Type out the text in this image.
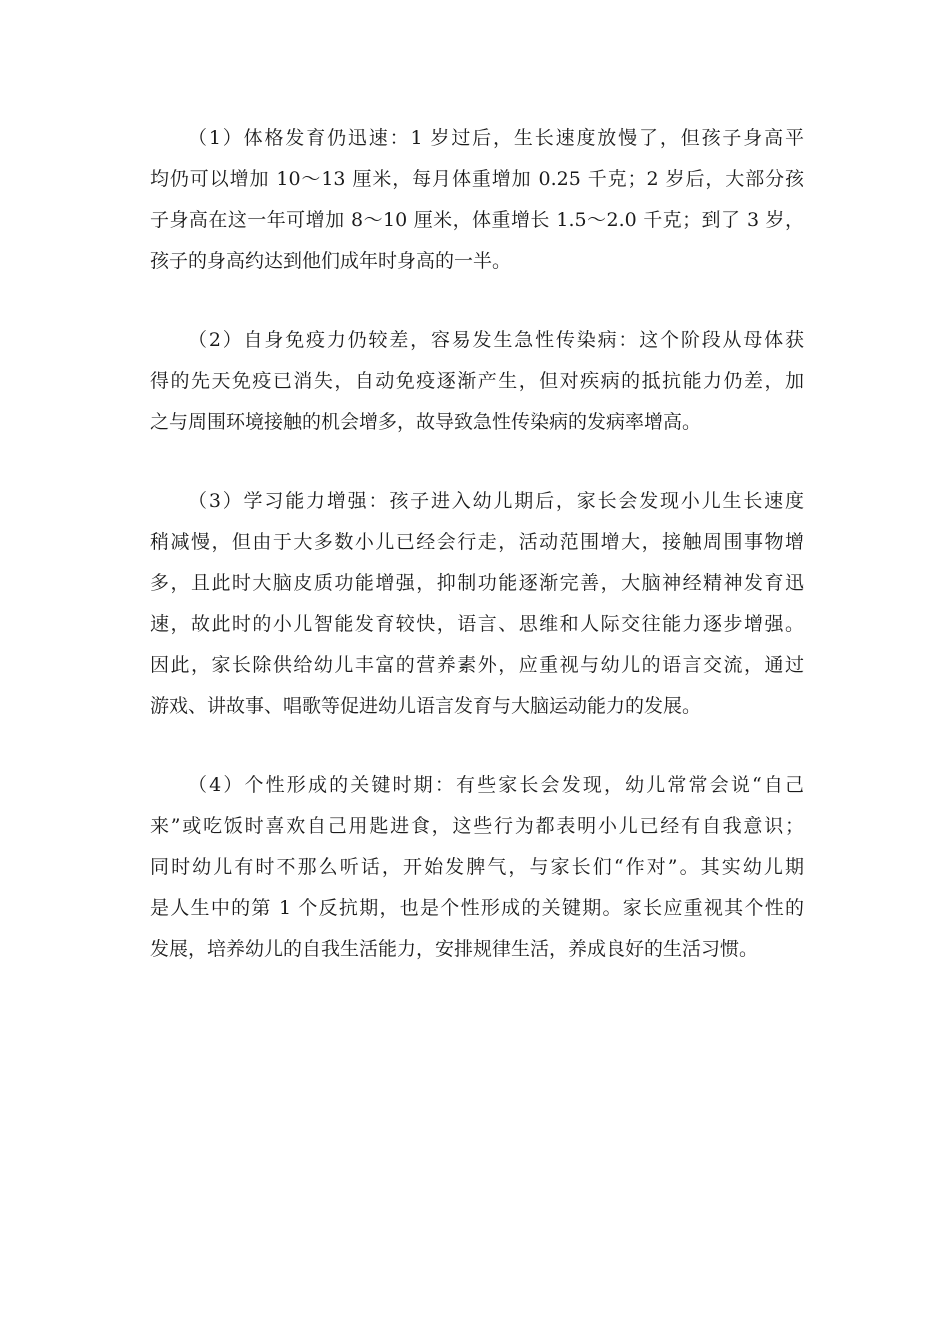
（1）体格发育仍迅速：1 岁过后，生长速度放慢了，但孩子身高平
均仍可以增加 10～13 厘米，每月体重增加 0.25 千克；2 岁后，大部分孩
子身高在这一年可增加 8～10 厘米，体重增长 1.5～2.0 千克；到了 3 岁，
孩子的身高约达到他们成年时身高的一半。

（2）自身免疫力仍较差，容易发生急性传染病：这个阶段从母体获
得的先天免疫已消失，自动免疫逐渐产生，但对疾病的抵抗能力仍差，加
之与周围环境接触的机会增多，故导致急性传染病的发病率增高。

（3）学习能力增强：孩子进入幼儿期后，家长会发现小儿生长速度
稍减慢，但由于大多数小儿已经会行走，活动范围增大，接触周围事物增
多，且此时大脑皮质功能增强，抑制功能逐渐完善，大脑神经精神发育迅
速，故此时的小儿智能发育较快，语言、思维和人际交往能力逐步增强。
因此，家长除供给幼儿丰富的营养素外，应重视与幼儿的语言交流，通过
游戏、讲故事、唱歌等促进幼儿语言发育与大脑运动能力的发展。

（4）个性形成的关键时期：有些家长会发现，幼儿常常会说“自己
来”或吃饭时喜欢自己用匙进食，这些行为都表明小儿已经有自我意识；
同时幼儿有时不那么听话，开始发脾气，与家长们“作对”。其实幼儿期
是人生中的第 1 个反抗期，也是个性形成的关键期。家长应重视其个性的
发展，培养幼儿的自我生活能力，安排规律生活，养成良好的生活习惯。
